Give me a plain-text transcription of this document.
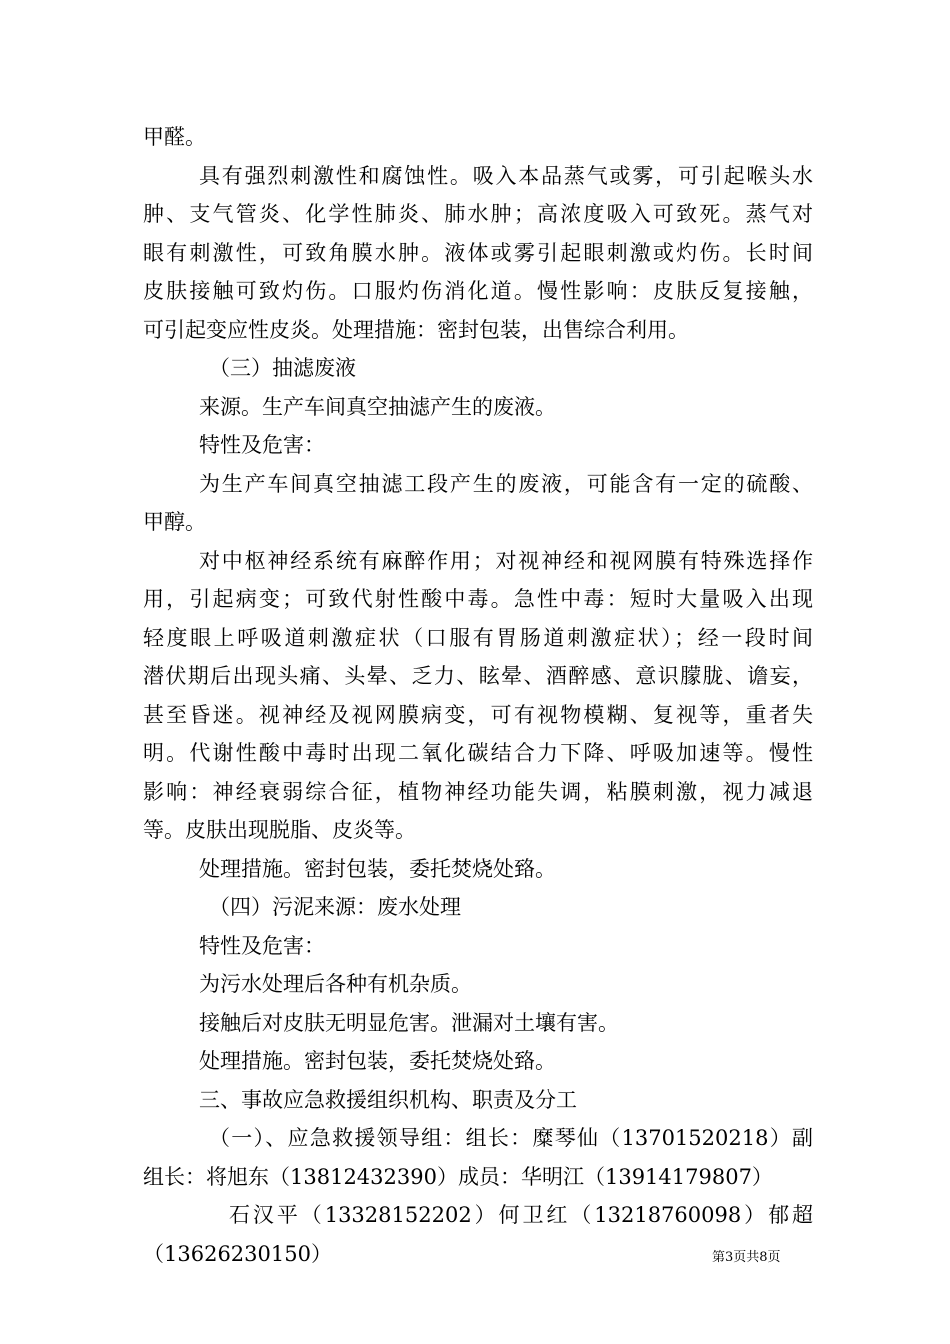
甲醛。
具有强烈刺激性和腐蚀性。吸入本品蒸气或雾，可引起喉头水
肿、支气管炎、化学性肺炎、肺水肿；高浓度吸入可致死。蒸气对
眼有刺激性，可致角膜水肿。液体或雾引起眼刺激或灼伤。长时间
皮肤接触可致灼伤。口服灼伤消化道。慢性影响：皮肤反复接触，
可引起变应性皮炎。处理措施：密封包装，出售综合利用。
（三）抽滤废液
来源。生产车间真空抽滤产生的废液。
特性及危害：
为生产车间真空抽滤工段产生的废液，可能含有一定的硫酸、
甲醇。
对中枢神经系统有麻醉作用；对视神经和视网膜有特殊选择作
用，引起病变；可致代射性酸中毒。急性中毒：短时大量吸入出现
轻度眼上呼吸道刺激症状（口服有胃肠道刺激症状）；经一段时间
潜伏期后出现头痛、头晕、乏力、眩晕、酒醉感、意识朦胧、谵妄，
甚至昏迷。视神经及视网膜病变，可有视物模糊、复视等，重者失
明。代谢性酸中毒时出现二氧化碳结合力下降、呼吸加速等。慢性
影响：神经衰弱综合征，植物神经功能失调，粘膜刺激，视力减退
等。皮肤出现脱脂、皮炎等。
处理措施。密封包装，委托焚烧处臵。
（四）污泥来源：废水处理
特性及危害：
为污水处理后各种有机杂质。
接触后对皮肤无明显危害。泄漏对土壤有害。
处理措施。密封包装，委托焚烧处臵。
三、事故应急救援组织机构、职责及分工
（一）、应急救援领导组：组长：糜琴仙（13701520218）副
组长：将旭东（13812432390）成员：华明江（13914179807）
石汉平（13328152202）何卫红（13218760098）郁超
（13626230150）	第3页共8页
